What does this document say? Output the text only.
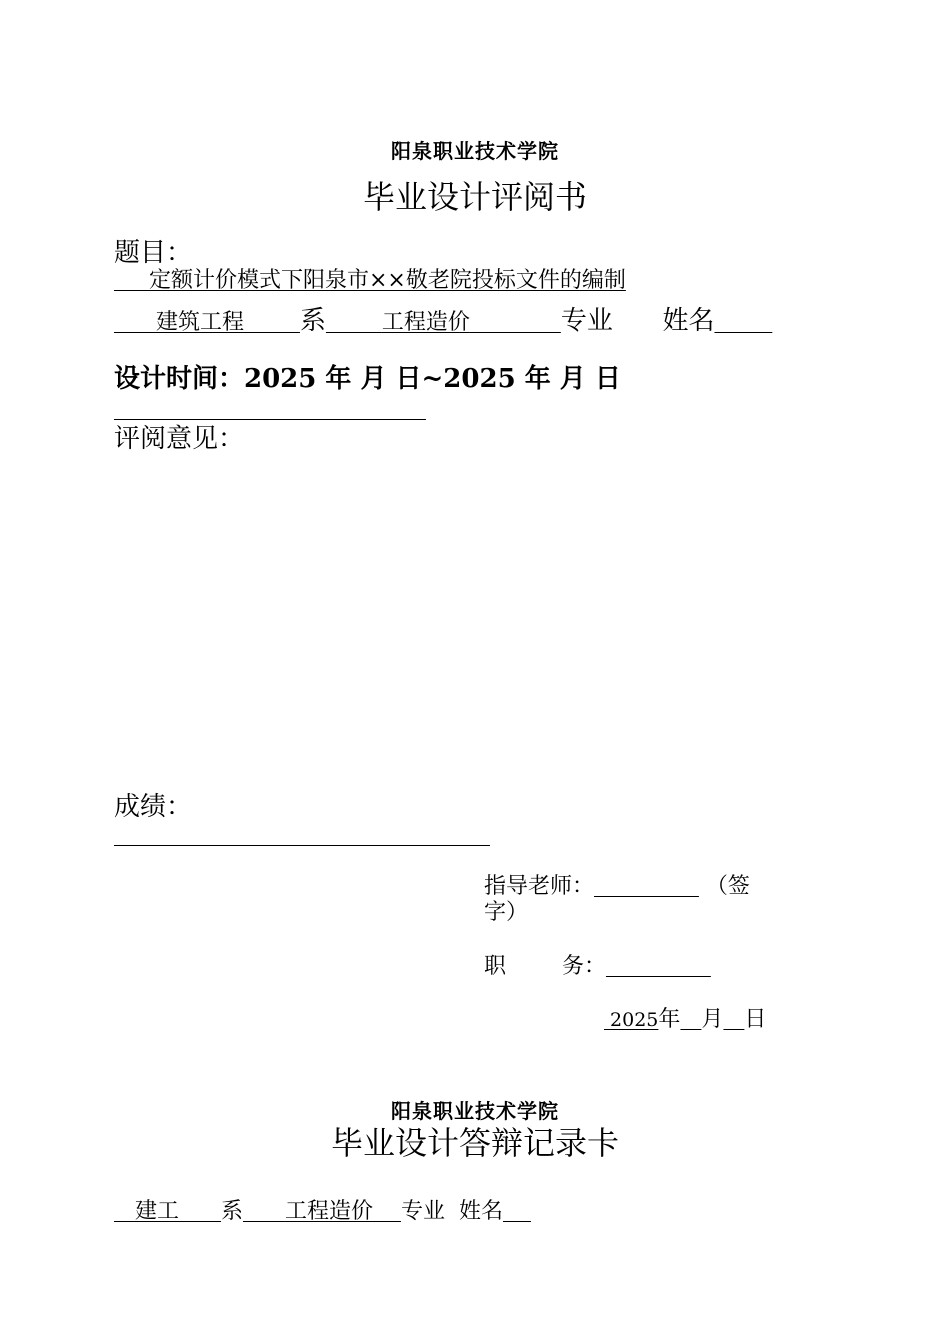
阳泉职业技术学院
毕业设计评阅书
题目：
定额计价模式下阳泉市××敬老院投标文件的编制
建筑工程 系	工程造价	专业 姓名
设计时间：2025 年 月 日~2025 年 月 日
评阅意见：
成绩：
指导老师：	（签
字）
职        务：
2025年 月 日
阳泉职业技术学院
毕业设计答辩记录卡
建工 系 工程造价 专业 姓名
